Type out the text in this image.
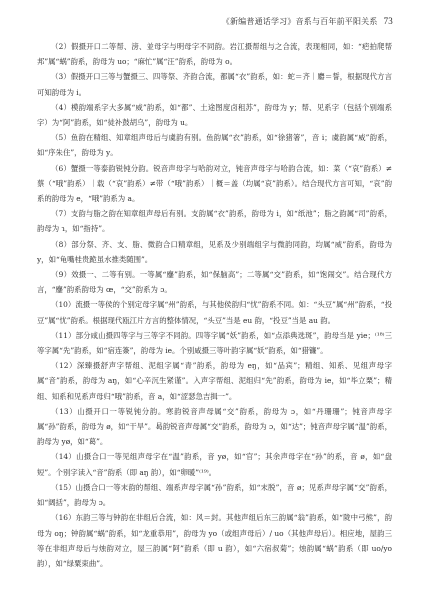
《新编普通话学习》音系与百年前平阳关系 73

（2）假摄开口二等帮、滂、並母字与明母字不同韵。岩江摄帮组与之合流，表现相同，如：“疤拍爬帮邦”属“蜗”韵系，韵母为 uo；“麻忙”属“汪”韵系，韵母为 o。

（3）假摄开口三等与蟹摄三、四等祭、齐韵合流，都属“衣”韵系，如：蛇＝齐｜麝＝誓，根据现代方言可知韵母为 i。

（4）模韵端系字大多属“威”韵系，如“都”、土途图度卤租苏”，韵母为 y；帮、见系字（包括个别端系字）为“阿”韵系，如“徒补鼓胡乌”，韵母为 u。

（5）鱼韵在精组、知章组声母后与虞韵有别。鱼韵属“衣”韵系，如“徐猪箸”，音 i；虞韵属“威”韵系，如“序朱住”，韵母为 y。

（6）蟹摄一等泰韵锐钝分韵。锐音声母字与哈韵对立，钝音声母字与哈韵合流，如：菜（“哀”韵系）≠蔡（“哦”韵系）｜载（“哀”韵系）≠带（“哦”韵系）｜概＝盖（均属“哀”韵系）。结合现代方言可知，“哀”韵系的韵母为 e，“哦”韵系为 a。

（7）支韵与脂之韵在知章组声母后有别。支韵属“衣”韵系，韵母为 i，如“纸池”；脂之韵属“司”韵系，韵母为 ɿ，如“指持”。

（8）部分祭、齐、支、脂、微韵合口精章组，见系及少别端组字与微韵同韵，均属“威”韵系，韵母为 y，如“龟嘴桂贵跪虽水推类随围”。

（9）效摄一、二等有别。一等属“鏖”韵系，如“保脑高”；二等属“交”韵系，如“饱闹交”。结合现代方言，“鏖”韵系韵母为 œ，“交”韵系为 ɔ。

（10）流摄一等侯的个别定母字属“州”韵系，与其他侯韵归“忧”韵系不同。如：“头豆”属“州”韵系，“投豆”属“忧”韵系。根据现代瓯江片方言的整体情况，“头豆”当是 eu 韵，“投豆”当是 au 韵。

（11）部分咸山摄四等字与三等字不同韵。四等字属“妖”韵系，如“点添典选斑”，韵母当是 yie；⁽¹⁸⁾三等字属“先”韵系，如“宿连簽”，韵母为 ie。个别咸摄三等叶韵字属“妖”韵系，如“猎镰”。

（12）深臻摄舒声字帮组、泥组字属“青”韵系，韵母为 eŋ，如“品宾”；精组、知系、见组声母字属“音”韵系，韵母为 aŋ，如“心辛沉生紧谨”。入声字帮组、泥组归“先”韵系，韵母为 ie，如“毕立栗”；精组、知系和见系声母归“哦”韵系，音 a，如“涩瑟急吉揖一”。

（13）山摄开口一等锐钝分韵。寒韵锐音声母属“交”韵系，韵母为 ɔ，如“丹珊珊”；钝音声母字属“孙”韵系，韵母为 ø，如“干旱”。曷韵锐音声母属“交”韵系，韵母为 ɔ，如“达”；钝音声母字属“温”韵系，韵母为 yø，如“葛”。

（14）山摄合口一等见组声母字在“温”韵系，音 yø，如“官”；其余声母字在“孙”的系，音 ø，如“盘短”。个别字读入“音”韵系（即 aŋ 韵），如“卵暖”⁽¹⁹⁾。

（15）山摄合口一等末韵的帮组、端系声母字属“孙”韵系，如“末脱”，音 ø；见系声母字属“交”韵系，如“阔括”，韵母为 ɔ。

（16）东韵三等与钟韵在非组后合流，如：风＝封。其他声组后东三韵属“翁”韵系，如“陇中弓熊”，韵母为 oŋ；钟韵属“蜗”韵系，如“龙重恭用”，韵母为 yo（或组声母后）/ uo（其他声母后）。相应地，屋韵三等在非组声母后与烛韵对立，屋三韵属“阿”韵系（即 u 韵），如“六宿叔菊”；烛韵属“蜗”韵系（即 uo/yo 韵），如“绿粟束曲”。
